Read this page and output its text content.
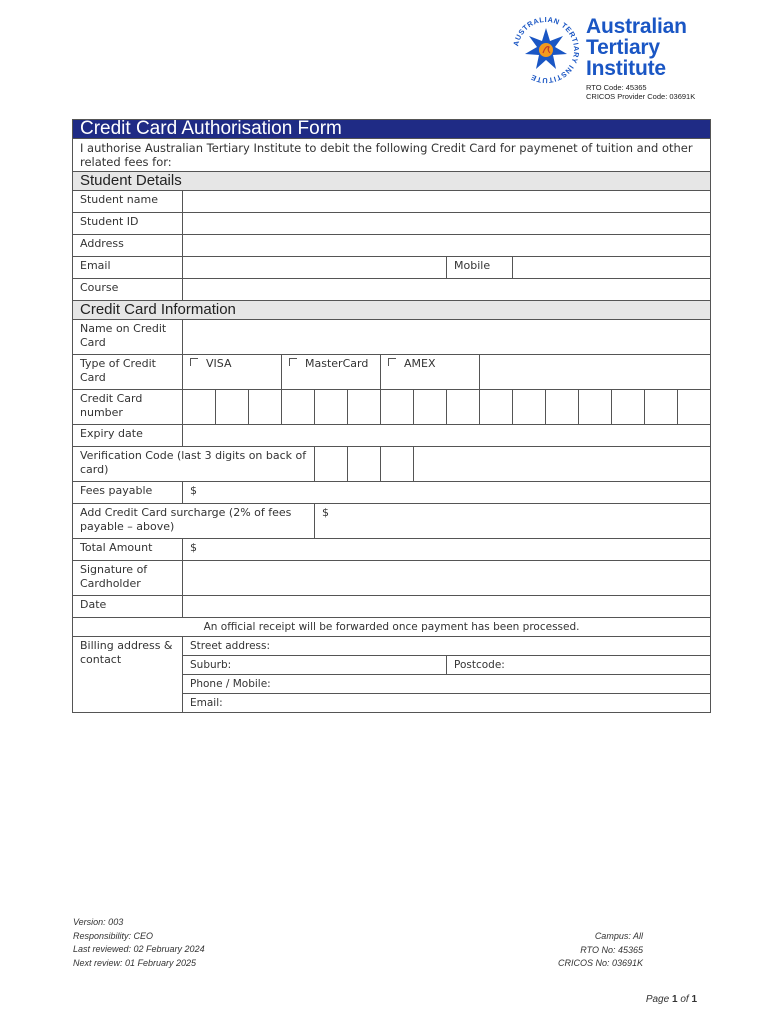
AUSTRALIAN TERTIARY INSTITUTE
Australian
Tertiary
Institute
RTO Code: 45365
CRICOS Provider Code: 03691K
Credit Card Authorisation Form																
I authorise Australian Tertiary Institute to debit the following Credit Card for paymenet of tuition and other related fees for:																
Student Details																
Student name																
Student ID																
Address																
Email									Mobile							
Course																
Credit Card Information																
Name on Credit Card																
Type of Credit Card	VISA			MasterCard			AMEX									
Credit Card number																
Expiry date																
Verification Code (last 3 digits on back of card)																
Fees payable	$															
Add Credit Card surcharge (2% of fees payable – above)					$											
Total Amount	$															
Signature of Cardholder																
Date																
An official receipt will be forwarded once payment has been processed.																
Billing address & contact	Street address:															
	Suburb:								Postcode:							
	Phone / Mobile:															
	Email:															
Version: 003
Responsibility: CEO
Last reviewed: 02 February 2024
Next review: 01 February 2025
Campus: All
RTO No: 45365
CRICOS No: 03691K
Page 1 of 1
